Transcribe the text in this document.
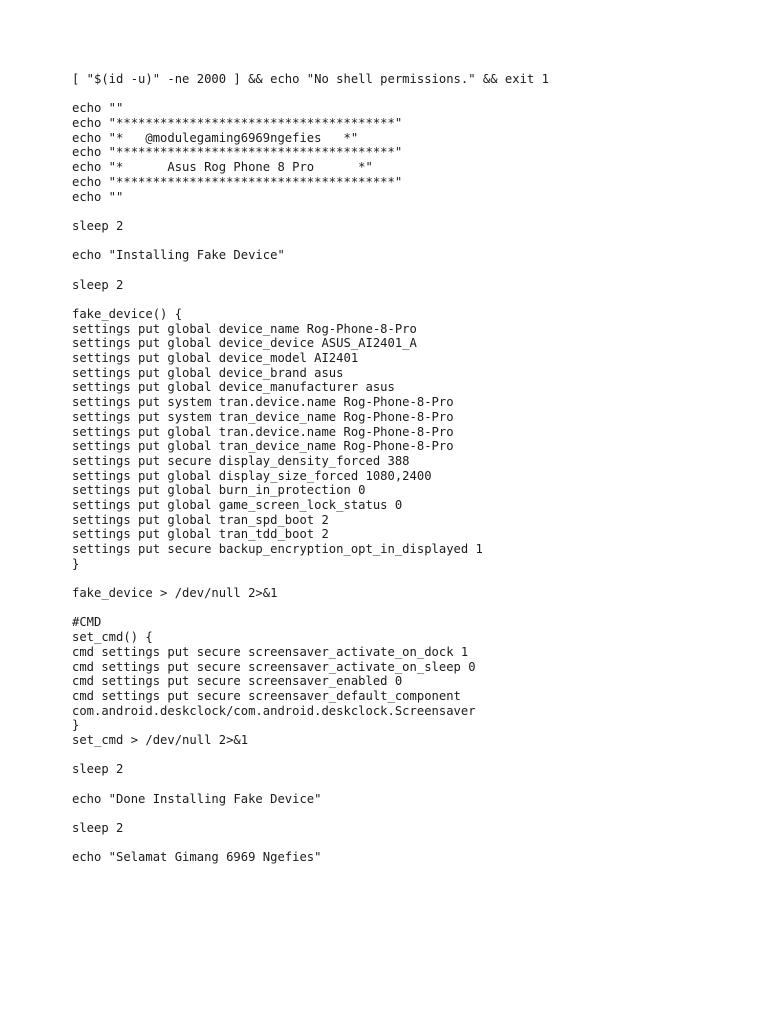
[ "$(id -u)" -ne 2000 ] && echo "No shell permissions." && exit 1
echo ""
echo "**************************************"
echo "*   @modulegaming6969ngefies   *"
echo "**************************************"
echo "*      Asus Rog Phone 8 Pro      *"
echo "**************************************"
echo ""
sleep 2
echo "Installing Fake Device"
sleep 2
fake_device() {
settings put global device_name Rog-Phone-8-Pro
settings put global device_device ASUS_AI2401_A
settings put global device_model AI2401
settings put global device_brand asus
settings put global device_manufacturer asus
settings put system tran.device.name Rog-Phone-8-Pro
settings put system tran_device_name Rog-Phone-8-Pro
settings put global tran.device.name Rog-Phone-8-Pro
settings put global tran_device_name Rog-Phone-8-Pro
settings put secure display_density_forced 388
settings put global display_size_forced 1080,2400
settings put global burn_in_protection 0
settings put global game_screen_lock_status 0
settings put global tran_spd_boot 2
settings put global tran_tdd_boot 2
settings put secure backup_encryption_opt_in_displayed 1
}
fake_device > /dev/null 2>&1
#CMD
set_cmd() {
cmd settings put secure screensaver_activate_on_dock 1
cmd settings put secure screensaver_activate_on_sleep 0
cmd settings put secure screensaver_enabled 0
cmd settings put secure screensaver_default_component
com.android.deskclock/com.android.deskclock.Screensaver
}
set_cmd > /dev/null 2>&1
sleep 2
echo "Done Installing Fake Device"
sleep 2
echo "Selamat Gimang 6969 Ngefies"
